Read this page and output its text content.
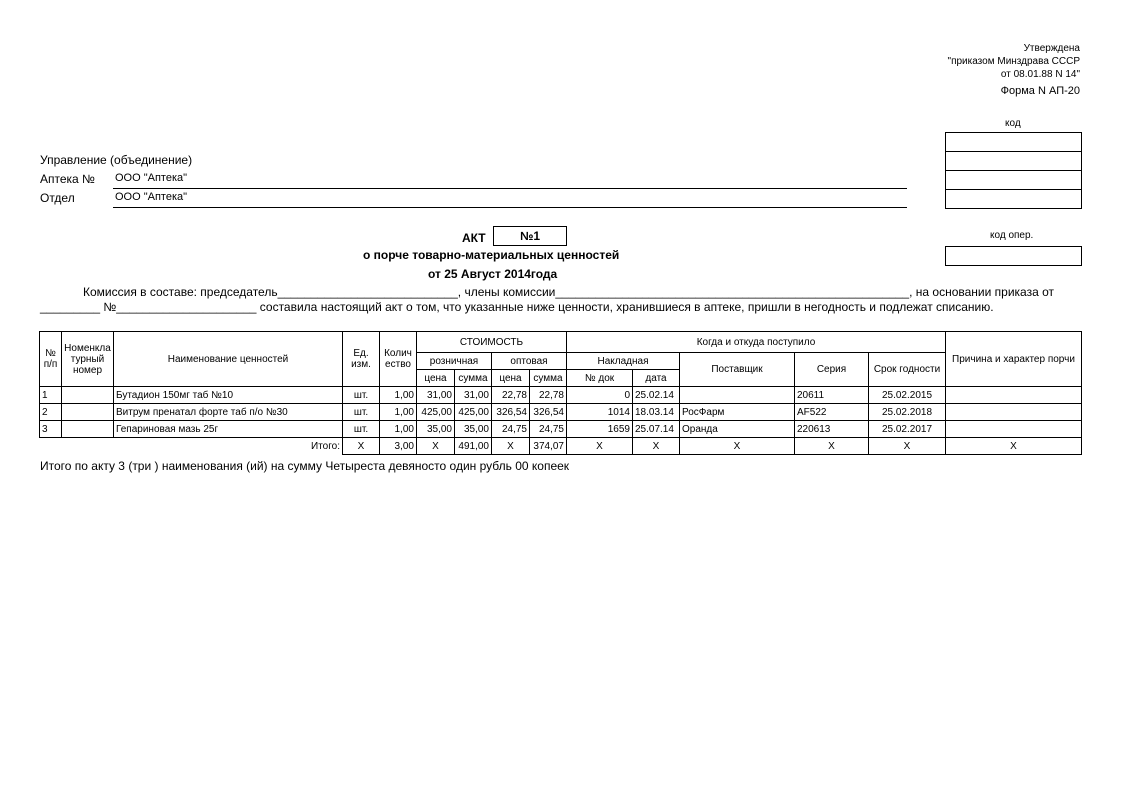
Утверждена
"приказом Минздрава СССР
от 08.01.88 N 14"
Форма N АП-20
код
Управление (объединение)
Аптека № ООО "Аптека"
Отдел	ООО "Аптека"
АКТ	№1
о порче товарно-материальных ценностей
от 25 Август 2014года
код опер.
Комиссия в составе: председатель___________________________, члены комиссии_____________________________________________________, на основании приказа от
_________ №_____________________ составила настоящий акт о том, что указанные ниже ценности, хранившиеся в аптеке, пришли в негодность и подлежат списанию.
№ п/п	Номенкла турный номер	Наименование ценностей	Ед. изм.	Колич ество	СТОИМОСТЬ				Когда и откуда поступило					Причина и характер порчи
					розничная		оптовая		Накладная		Поставщик	Серия	Срок годности	
					цена	сумма	цена	сумма	№ док	дата				
1		Бутадион 150мг таб №10	шт.	1,00	31,00	31,00	22,78	22,78	0	25.02.14		20611	25.02.2015	
2		Витрум пренатал форте таб п/о №30	шт.	1,00	425,00	425,00	326,54	326,54	1014	18.03.14	РосФарм	AF522	25.02.2018	
3		Гепариновая мазь 25г	шт.	1,00	35,00	35,00	24,75	24,75	1659	25.07.14	Оранда	220613	25.02.2017	
Итого:			X	3,00	X	491,00	X	374,07	X	X	X	X	X	X
Итого по акту 3 (три ) наименования (ий) на сумму Четыреста девяносто один рубль 00 копеек
